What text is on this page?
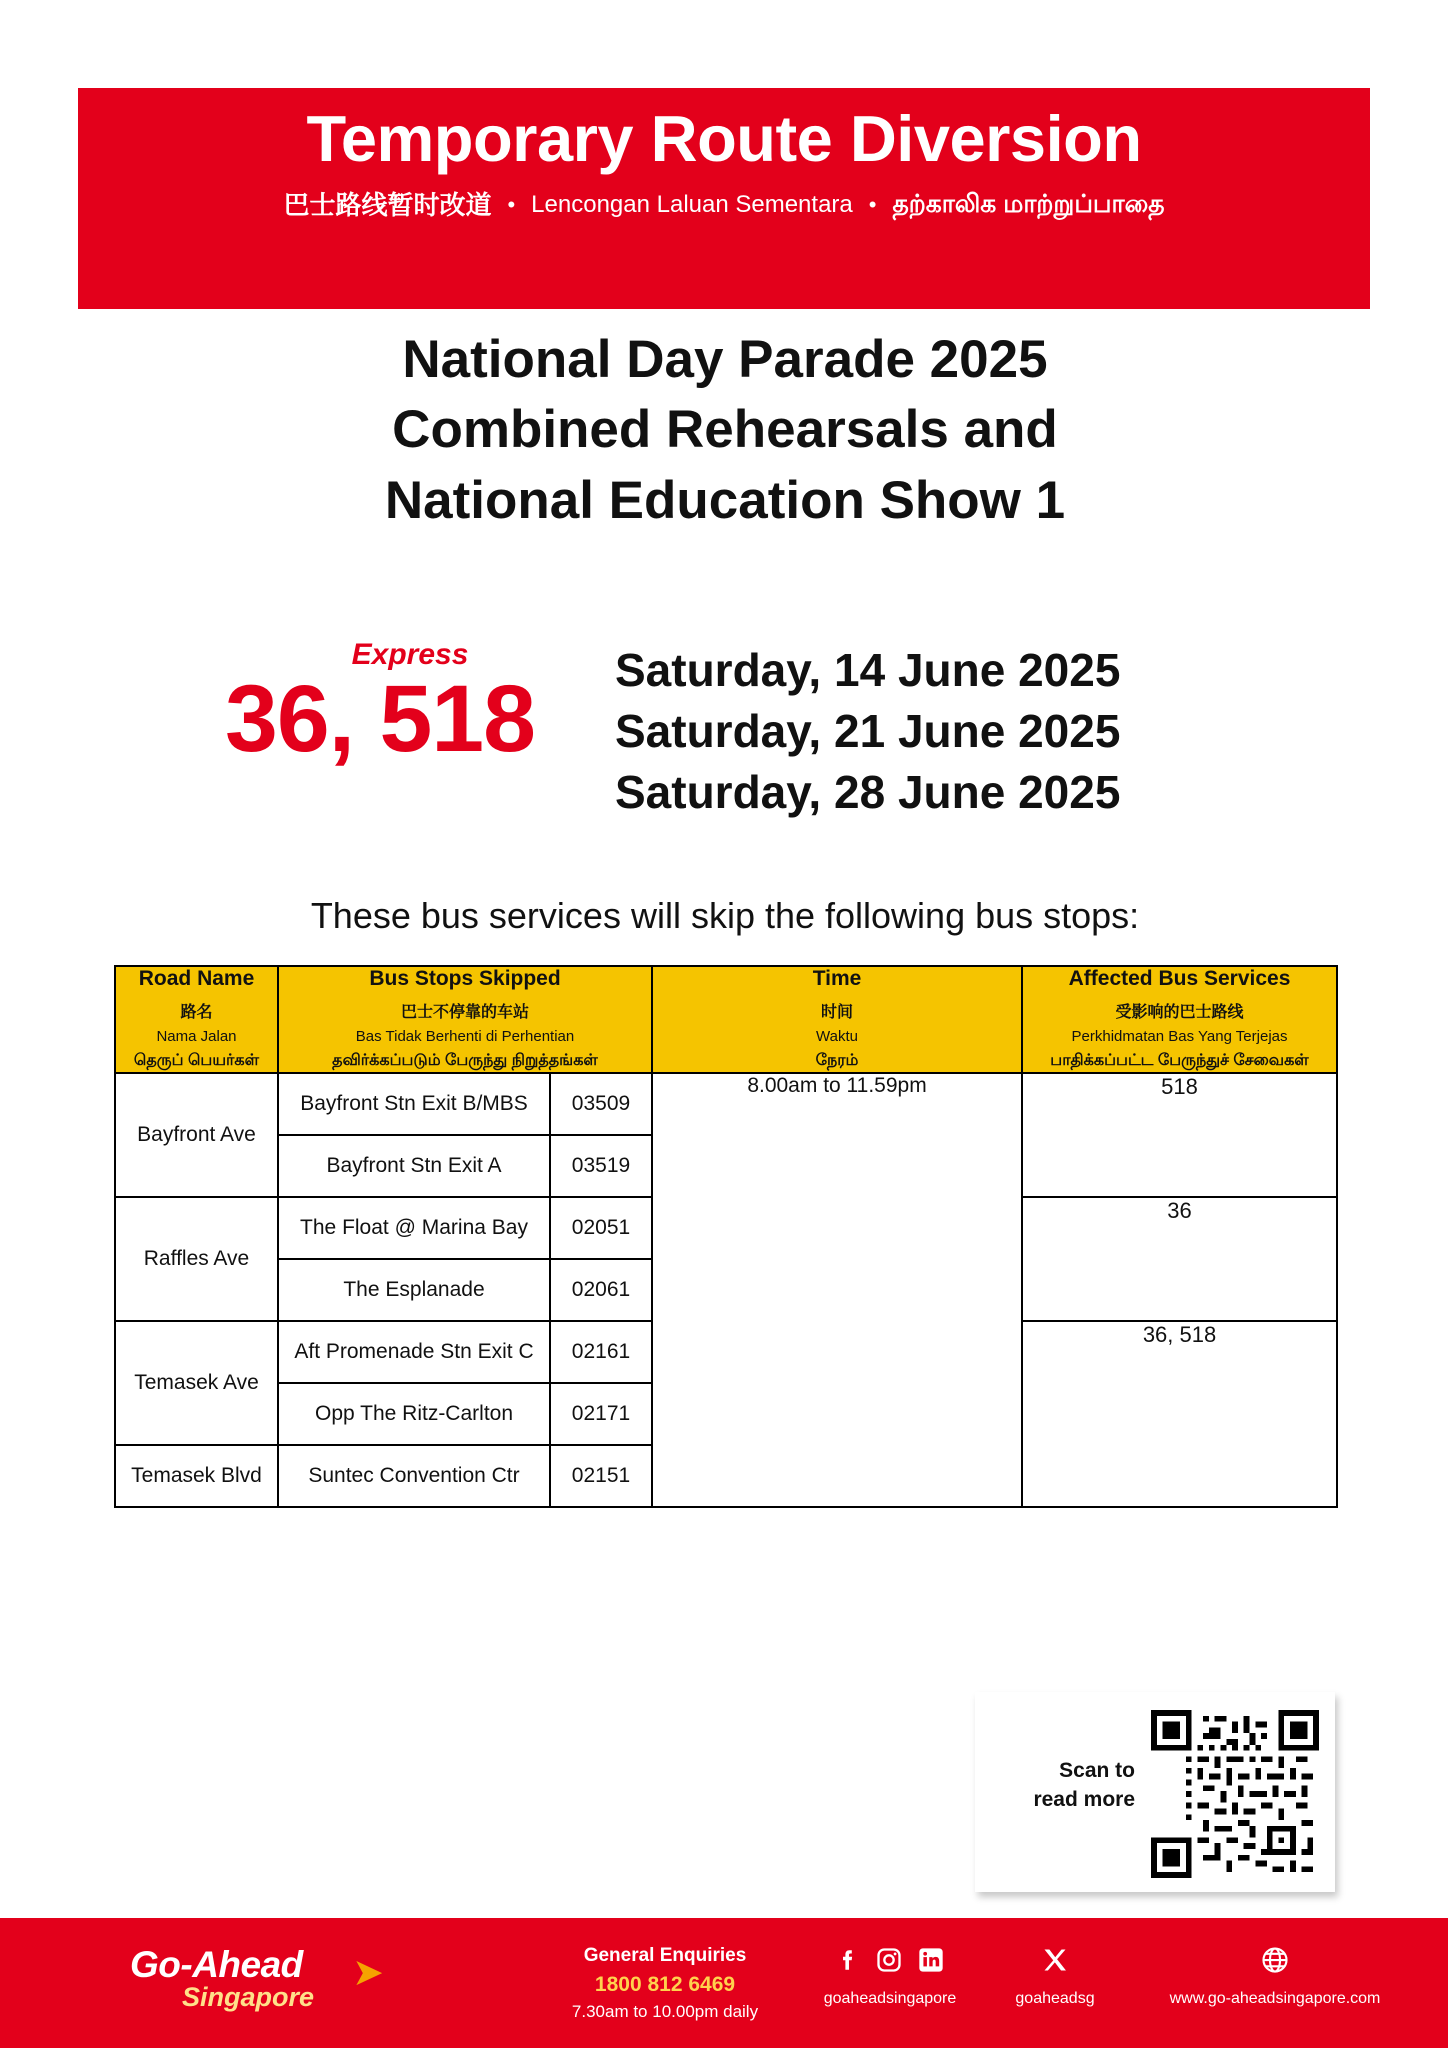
Temporary Route Diversion
巴士路线暂时改道 • Lencongan Laluan Sementara • தற்காலிக மாற்றுப்பாதை
National Day Parade 2025
Combined Rehearsals and
National Education Show 1
Express
36, 518	Saturday, 14 June 2025
Saturday, 21 June 2025
Saturday, 28 June 2025
These bus services will skip the following bus stops:
Road Name
路名
Nama Jalan
தெருப் பெயர்கள்	Bus Stops Skipped
巴士不停靠的车站
Bas Tidak Berhenti di Perhentian
தவிர்க்கப்படும் பேருந்து நிறுத்தங்கள்		Time
时间
Waktu
நேரம்	Affected Bus Services
受影响的巴士路线
Perkhidmatan Bas Yang Terjejas
பாதிக்கப்பட்ட பேருந்துச் சேவைகள்

Bayfront Ave	Bayfront Stn Exit B/MBS	03509	8.00am to 11.59pm	518
	Bayfront Stn Exit A	03519		
Raffles Ave	The Float @ Marina Bay	02051		36
	The Esplanade	02061		
Temasek Ave	Aft Promenade Stn Exit C	02161		36, 518
	Opp The Ritz-Carlton	02171		
Temasek Blvd	Suntec Convention Ctr	02151		
Scan to
read more
Go-Ahead
Singapore
➤	General Enquiries
1800 812 6469
7.30am to 10.00pm daily
goaheadsingapore	goaheadsg	www.go-aheadsingapore.com
